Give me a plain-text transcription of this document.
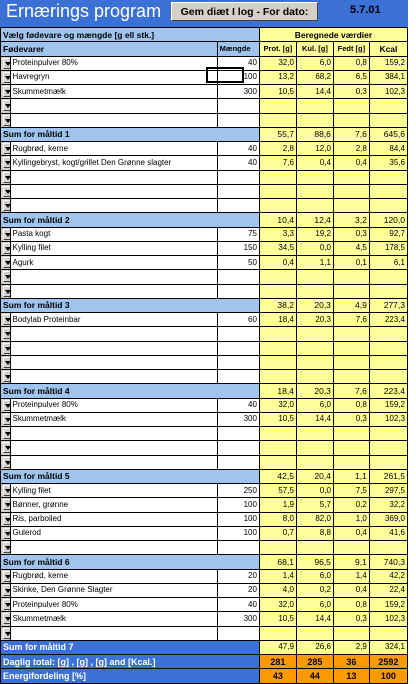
Ernærings program	Gem diæt I log - For dato:	5.7.01
Vælg fødevare og mængde [g ell stk.]			Beregnede værdier			
Fødevarer		Mængde	Prot. [g]	Kul. [g]	Fedt [g]	Kcal

	Proteinpulver 80%	40	32,0	6,0	0,8	159,2

	Havregryn	100	13,2	68,2	6,5	384,1

	Skummetmælk	300	10,5	14,4	0,3	102,3

Sum for måltid 1			55,7	88,6	7,6	645,6

	Rugbrød, kerne	40	2,8	12,0	2,8	84,4

	Kyllingebryst, kogt/grillet Den Grønne slagter	40	7,6	0,4	0,4	35,6

Sum for måltid 2			10,4	12,4	3,2	120,0

	Pasta kogt	75	3,3	19,2	0,3	92,7

	Kylling filet	150	34,5	0,0	4,5	178,5

	Agurk	50	0,4	1,1	0,1	6,1

Sum for måltid 3			38,2	20,3	4,9	277,3

	Bodylab Proteinbar	60	18,4	20,3	7,6	223,4

Sum for måltid 4			18,4	20,3	7,6	223,4

	Proteinpulver 80%	40	32,0	6,0	0,8	159,2

	Skummetmælk	300	10,5	14,4	0,3	102,3

Sum for måltid 5			42,5	20,4	1,1	261,5

	Kylling filet	250	57,5	0,0	7,5	297,5

	Bønner, grønne	100	1,9	5,7	0,2	32,2

	Ris, parboiled	100	8,0	82,0	1,0	369,0

	Gulerod	100	0,7	8,8	0,4	41,6

Sum for måltid 6			68,1	96,5	9,1	740,3

	Rugbrød, kerne	20	1,4	6,0	1,4	42,2

	Skinke, Den Grønne Slagter	20	4,0	0,2	0,4	22,4

	Proteinpulver 80%	40	32,0	6,0	0,8	159,2

	Skummetmælk	300	10,5	14,4	0,3	102,3

Sum for måltid 7			47,9	26,6	2,9	324,1
Daglig total: [g] , [g] , [g] and [Kcal.]			281	285	36	2592
Energifordeling [%]			43	44	13	100
